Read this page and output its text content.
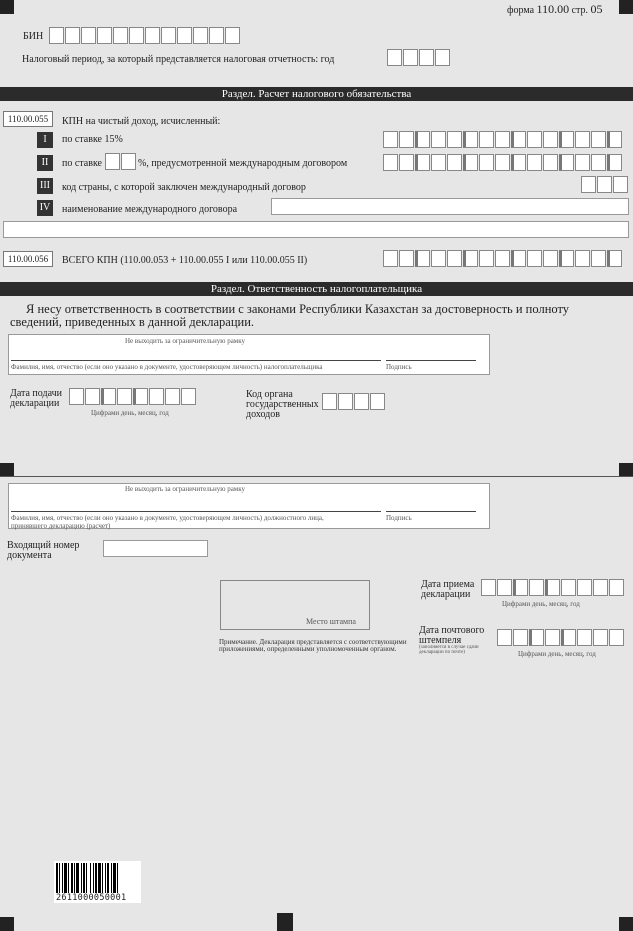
форма 110.00 стр. 05
БИН
Налоговый период, за который представляется налоговая отчетность: год
Раздел. Расчет налогового обязательства
110.00.055	КПН на чистый доход, исчисленный:
I	по ставке 15%
II	по ставке	%, предусмотренной международным договором
III	код страны, с которой заключен международный договор
IV наименование международного договора
110.00.056	ВСЕГО КПН (110.00.053 + 110.00.055 I или 110.00.055 II)
Раздел. Ответственность налогоплательщика
Я несу ответственность в соответствии с законами Республики Казахстан за достоверность и полноту
сведений, приведенных в данной декларации.
Не выходить за ограничительную рамку
Фамилия, имя, отчество (если оно указано в документе, удостоверяющем личность) налогоплательщика	Подпись
Дата подачи
декларации
Цифрами день, месяц, год
Код органа
государственных
доходов
Не выходить за ограничительную рамку
Фамилия, имя, отчество (если оно указано в документе, удостоверяющем личность) должностного лица,
принявшего декларацию (расчет)
Подпись
Входящий номер
документа
Место штампа
Примечание. Декларация представляется с соответствующими
приложениями, определенными уполномоченным органом.
Дата приема
декларации
Цифрами день, месяц, год
Дата почтового
штемпеля
(заполняется в случае сдачи декларации по почте)	Цифрами день, месяц, год
2611000050001
